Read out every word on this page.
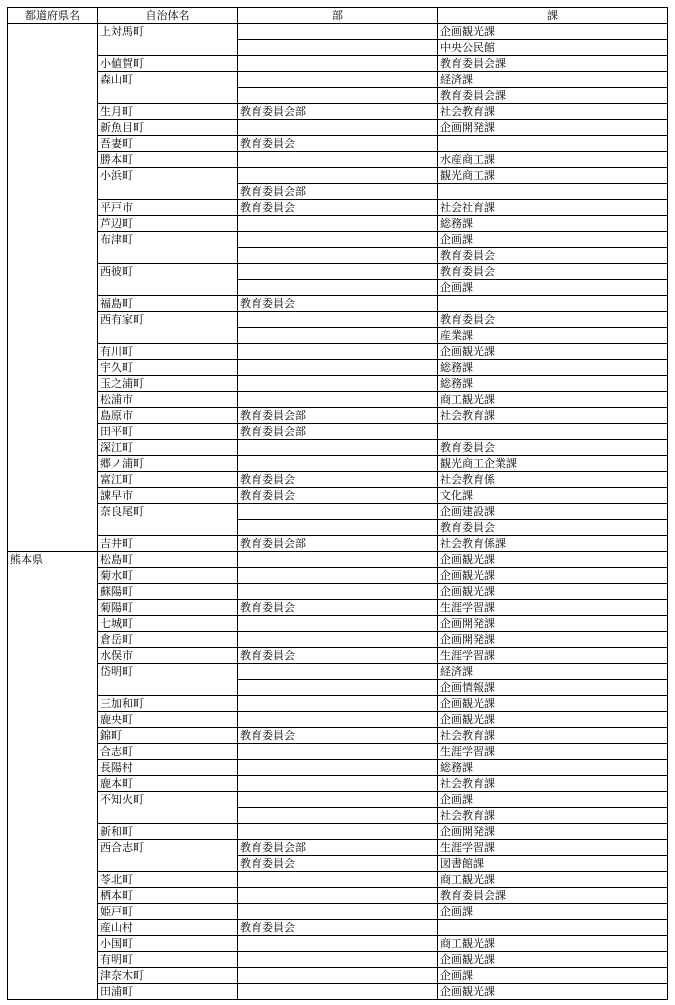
都道府県名	自治体名	部	課
	上対馬町		企画観光課
			中央公民館
	小値賀町		教育委員会課
	森山町		経済課
			教育委員会課
	生月町	教育委員会部	社会教育課
	新魚目町		企画開発課
	吾妻町	教育委員会	
	勝本町		水産商工課
	小浜町		観光商工課
		教育委員会部	
	平戸市	教育委員会	社会社育課
	芦辺町		総務課
	布津町		企画課
			教育委員会
	西彼町		教育委員会
			企画課
	福島町	教育委員会	
	西有家町		教育委員会
			産業課
	有川町		企画観光課
	宇久町		総務課
	玉之浦町		総務課
	松浦市		商工観光課
	島原市	教育委員会部	社会教育課
	田平町	教育委員会部	
	深江町		教育委員会
	郷ノ浦町		観光商工企業課
	富江町	教育委員会	社会教育係
	諌早市	教育委員会	文化課
	奈良尾町		企画建設課
			教育委員会
	吉井町	教育委員会部	社会教育係課
熊本県	松島町		企画観光課
	菊水町		企画観光課
	蘇陽町		企画観光課
	菊陽町	教育委員会	生涯学習課
	七城町		企画開発課
	倉岳町		企画開発課
	水俣市	教育委員会	生涯学習課
	岱明町		経済課
			企画情報課
	三加和町		企画観光課
	鹿央町		企画観光課
	錦町	教育委員会	社会教育課
	合志町		生涯学習課
	長陽村		総務課
	鹿本町		社会教育課
	不知火町		企画課
			社会教育課
	新和町		企画開発課
	西合志町	教育委員会部	生涯学習課
		教育委員会	図書館課
	苓北町		商工観光課
	栖本町		教育委員会課
	姫戸町		企画課
	産山村	教育委員会	
	小国町		商工観光課
	有明町		企画観光課
	津奈木町		企画課
	田浦町		企画観光課
